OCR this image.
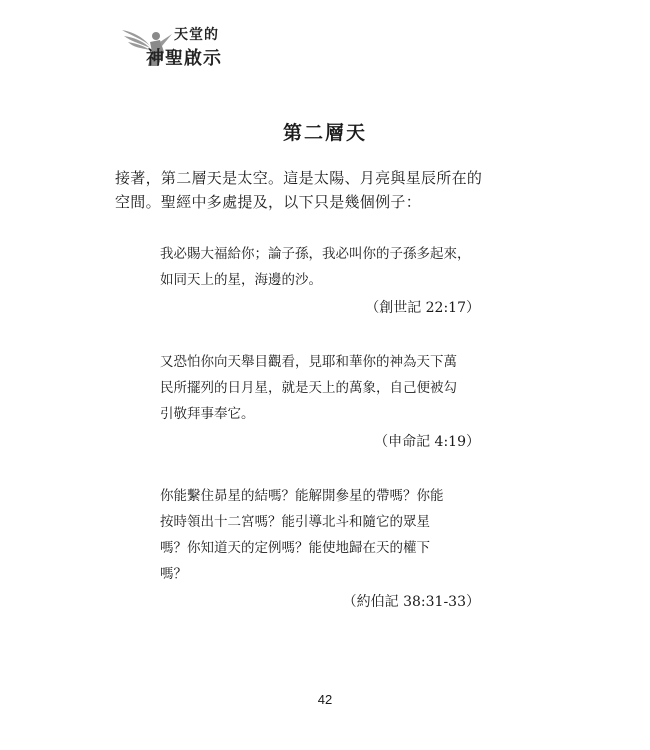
天堂的
神聖啟示
第二層天

接著，第二層天是太空。這是太陽、月亮與星辰所在的

空間。聖經中多處提及，以下只是幾個例子：

我必賜大福給你；論子孫，我必叫你的子孫多起來，

如同天上的星，海邊的沙。

（創世記 22:17）

又恐怕你向天舉目觀看，見耶和華你的神為天下萬

民所擺列的日月星，就是天上的萬象，自己便被勾

引敬拜事奉它。

（申命記 4:19）

你能繫住昴星的結嗎？能解開參星的帶嗎？你能

按時領出十二宮嗎？能引導北斗和隨它的眾星

嗎？你知道天的定例嗎？能使地歸在天的權下

嗎？

（約伯記 38:31-33）
42
